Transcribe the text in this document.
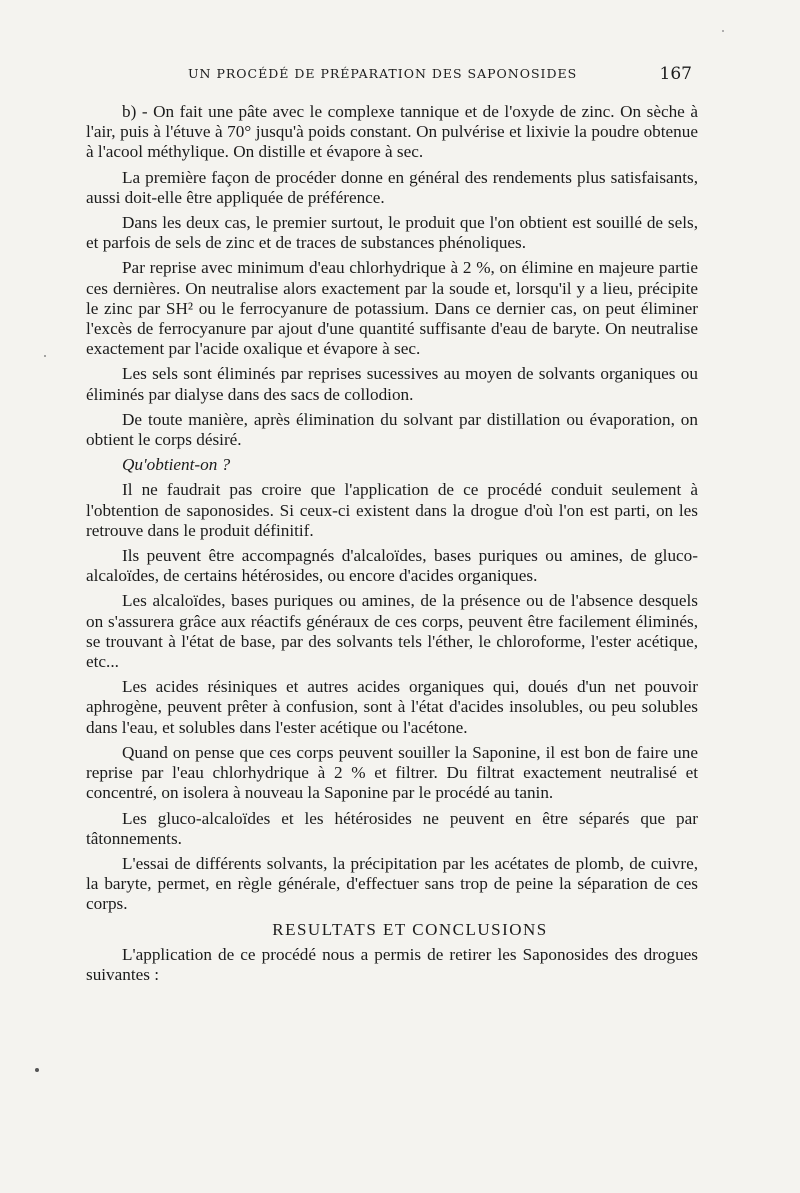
UN PROCÉDÉ DE PRÉPARATION DES SAPONOSIDES	167

b) - On fait une pâte avec le complexe tannique et de l'oxyde de zinc. On sèche à l'air, puis à l'étuve à 70° jusqu'à poids constant. On pulvérise et lixivie la poudre obtenue à l'acool méthylique. On distille et évapore à sec.

La première façon de procéder donne en général des rendements plus satisfaisants, aussi doit-elle être appliquée de préférence.

Dans les deux cas, le premier surtout, le produit que l'on obtient est souillé de sels, et parfois de sels de zinc et de traces de substances phénoliques.

Par reprise avec minimum d'eau chlorhydrique à 2 %, on élimine en majeure partie ces dernières. On neutralise alors exactement par la soude et, lorsqu'il y a lieu, précipite le zinc par SH² ou le ferrocyanure de potassium. Dans ce dernier cas, on peut éliminer l'excès de ferrocyanure par ajout d'une quantité suffisante d'eau de baryte. On neutralise exactement par l'acide oxalique et évapore à sec.

Les sels sont éliminés par reprises sucessives au moyen de solvants organiques ou éliminés par dialyse dans des sacs de collodion.

De toute manière, après élimination du solvant par distillation ou évaporation, on obtient le corps désiré.

Qu'obtient-on ?

Il ne faudrait pas croire que l'application de ce procédé conduit seulement à l'obtention de saponosides. Si ceux-ci existent dans la drogue d'où l'on est parti, on les retrouve dans le produit définitif.

Ils peuvent être accompagnés d'alcaloïdes, bases puriques ou amines, de gluco-alcaloïdes, de certains hétérosides, ou encore d'acides organiques.

Les alcaloïdes, bases puriques ou amines, de la présence ou de l'absence desquels on s'assurera grâce aux réactifs généraux de ces corps, peuvent être facilement éliminés, se trouvant à l'état de base, par des solvants tels l'éther, le chloroforme, l'ester acétique, etc...

Les acides résiniques et autres acides organiques qui, doués d'un net pouvoir aphrogène, peuvent prêter à confusion, sont à l'état d'acides insolubles, ou peu solubles dans l'eau, et solubles dans l'ester acétique ou l'acétone.

Quand on pense que ces corps peuvent souiller la Saponine, il est bon de faire une reprise par l'eau chlorhydrique à 2 % et filtrer. Du filtrat exactement neutralisé et concentré, on isolera à nouveau la Saponine par le procédé au tanin.

Les gluco-alcaloïdes et les hétérosides ne peuvent en être séparés que par tâtonnements.

L'essai de différents solvants, la précipitation par les acétates de plomb, de cuivre, la baryte, permet, en règle générale, d'effectuer sans trop de peine la séparation de ces corps.

RESULTATS ET CONCLUSIONS

L'application de ce procédé nous a permis de retirer les Saponosides des drogues suivantes :
